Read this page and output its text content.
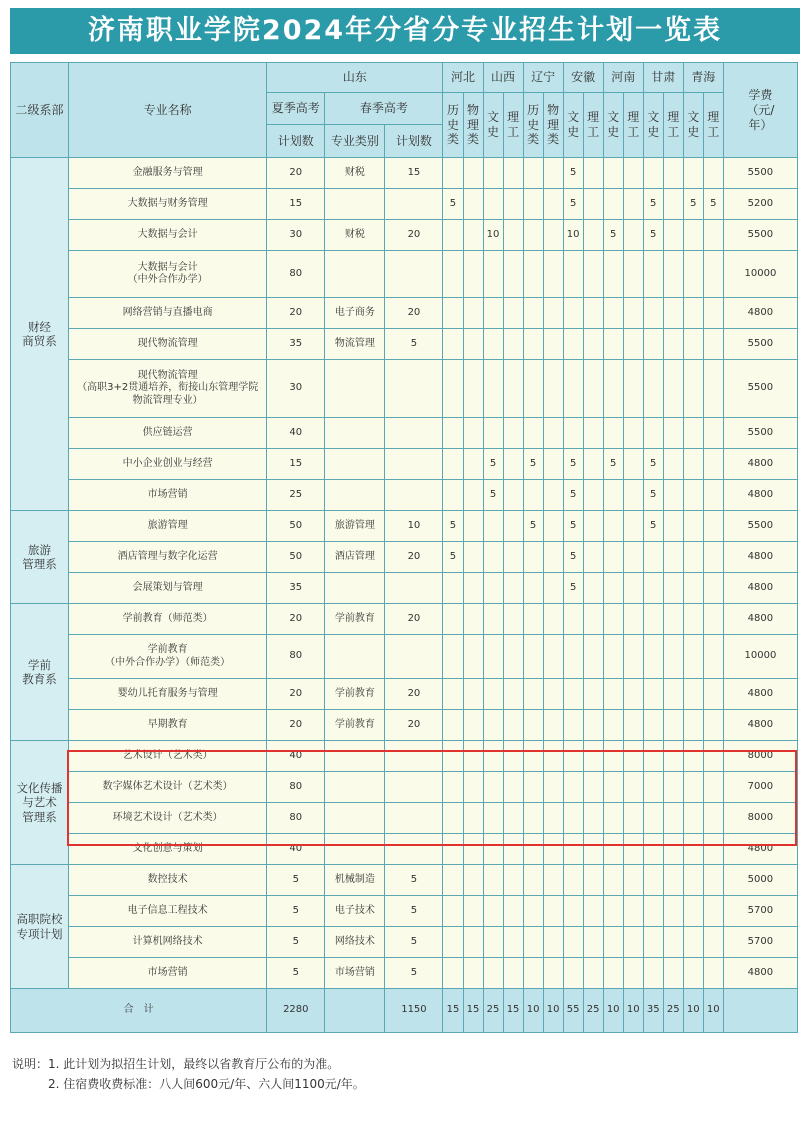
济南职业学院2024年分省分专业招生计划一览表
二级系部	专业名称	山东			河北		山西		辽宁		安徽		河南		甘肃		青海		学费（元/年）
		夏季高考	春季高考		历史类	物理类	文史	理工	历史类	物理类	文史	理工	文史	理工	文史	理工	文史	理工	
		计划数	专业类别	计划数															
财经
商贸系	金融服务与管理	20	财税	15							5								5500
	大数据与财务管理	15			5						5				5		5	5	5200
	大数据与会计	30	财税	20			10				10		5		5				5500
	大数据与会计
（中外合作办学）	80																	10000
	网络营销与直播电商	20	电子商务	20															4800
	现代物流管理	35	物流管理	5															5500
	现代物流管理
（高职3+2贯通培养，衔接山东管理学院
物流管理专业）	30																	5500
	供应链运营	40																	5500
	中小企业创业与经营	15					5		5		5		5		5				4800
	市场营销	25					5				5				5				4800
旅游
管理系	旅游管理	50	旅游管理	10	5				5		5				5				5500
	酒店管理与数字化运营	50	酒店管理	20	5						5								4800
	会展策划与管理	35									5								4800
学前
教育系	学前教育（师范类）	20	学前教育	20															4800
	学前教育
（中外合作办学）（师范类）	80																	10000
	婴幼儿托育服务与管理	20	学前教育	20															4800
	早期教育	20	学前教育	20															4800
文化传播
与艺术
管理系	艺术设计（艺术类）	40																	8000
	数字媒体艺术设计（艺术类）	80																	7000
	环境艺术设计（艺术类）	80																	8000
	文化创意与策划	40																	4800
高职院校
专项计划	数控技术	5	机械制造	5															5000
	电子信息工程技术	5	电子技术	5															5700
	计算机网络技术	5	网络技术	5															5700
	市场营销	5	市场营销	5															4800
合　计		2280		1150	15	15	25	15	10	10	55	25	10	10	35	25	10	10	
说明：1. 此计划为拟招生计划，最终以省教育厅公布的为准。
2. 住宿费收费标准：八人间600元/年、六人间1100元/年。
